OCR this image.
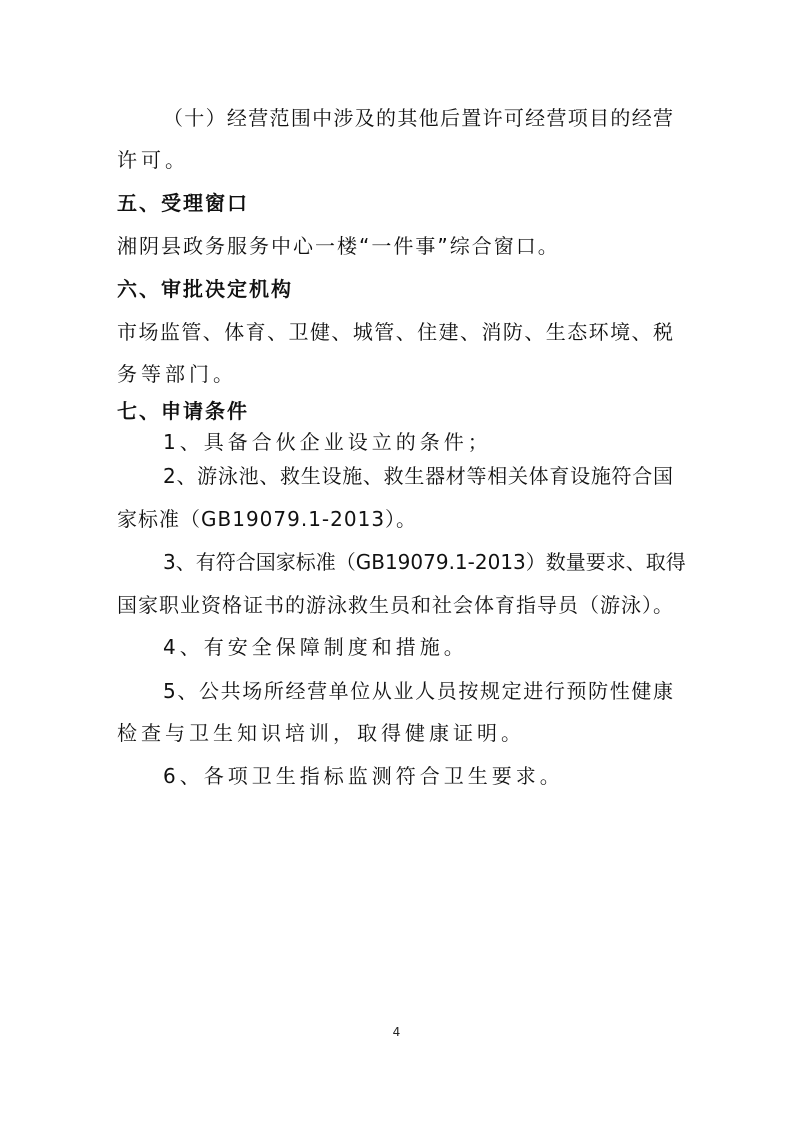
（十）经营范围中涉及的其他后置许可经营项目的经营
许可。
五、受理窗口
湘阴县政务服务中心一楼“一件事”综合窗口。
六、审批决定机构
市场监管、体育、卫健、城管、住建、消防、生态环境、税
务等部门。
七、申请条件
1、具备合伙企业设立的条件；
2、游泳池、救生设施、救生器材等相关体育设施符合国
家标准（GB19079.1-2013）。
3、有符合国家标准（GB19079.1-2013）数量要求、取得
国家职业资格证书的游泳救生员和社会体育指导员（游泳）。
4、有安全保障制度和措施。
5、公共场所经营单位从业人员按规定进行预防性健康
检查与卫生知识培训，取得健康证明。
6、各项卫生指标监测符合卫生要求。
4
